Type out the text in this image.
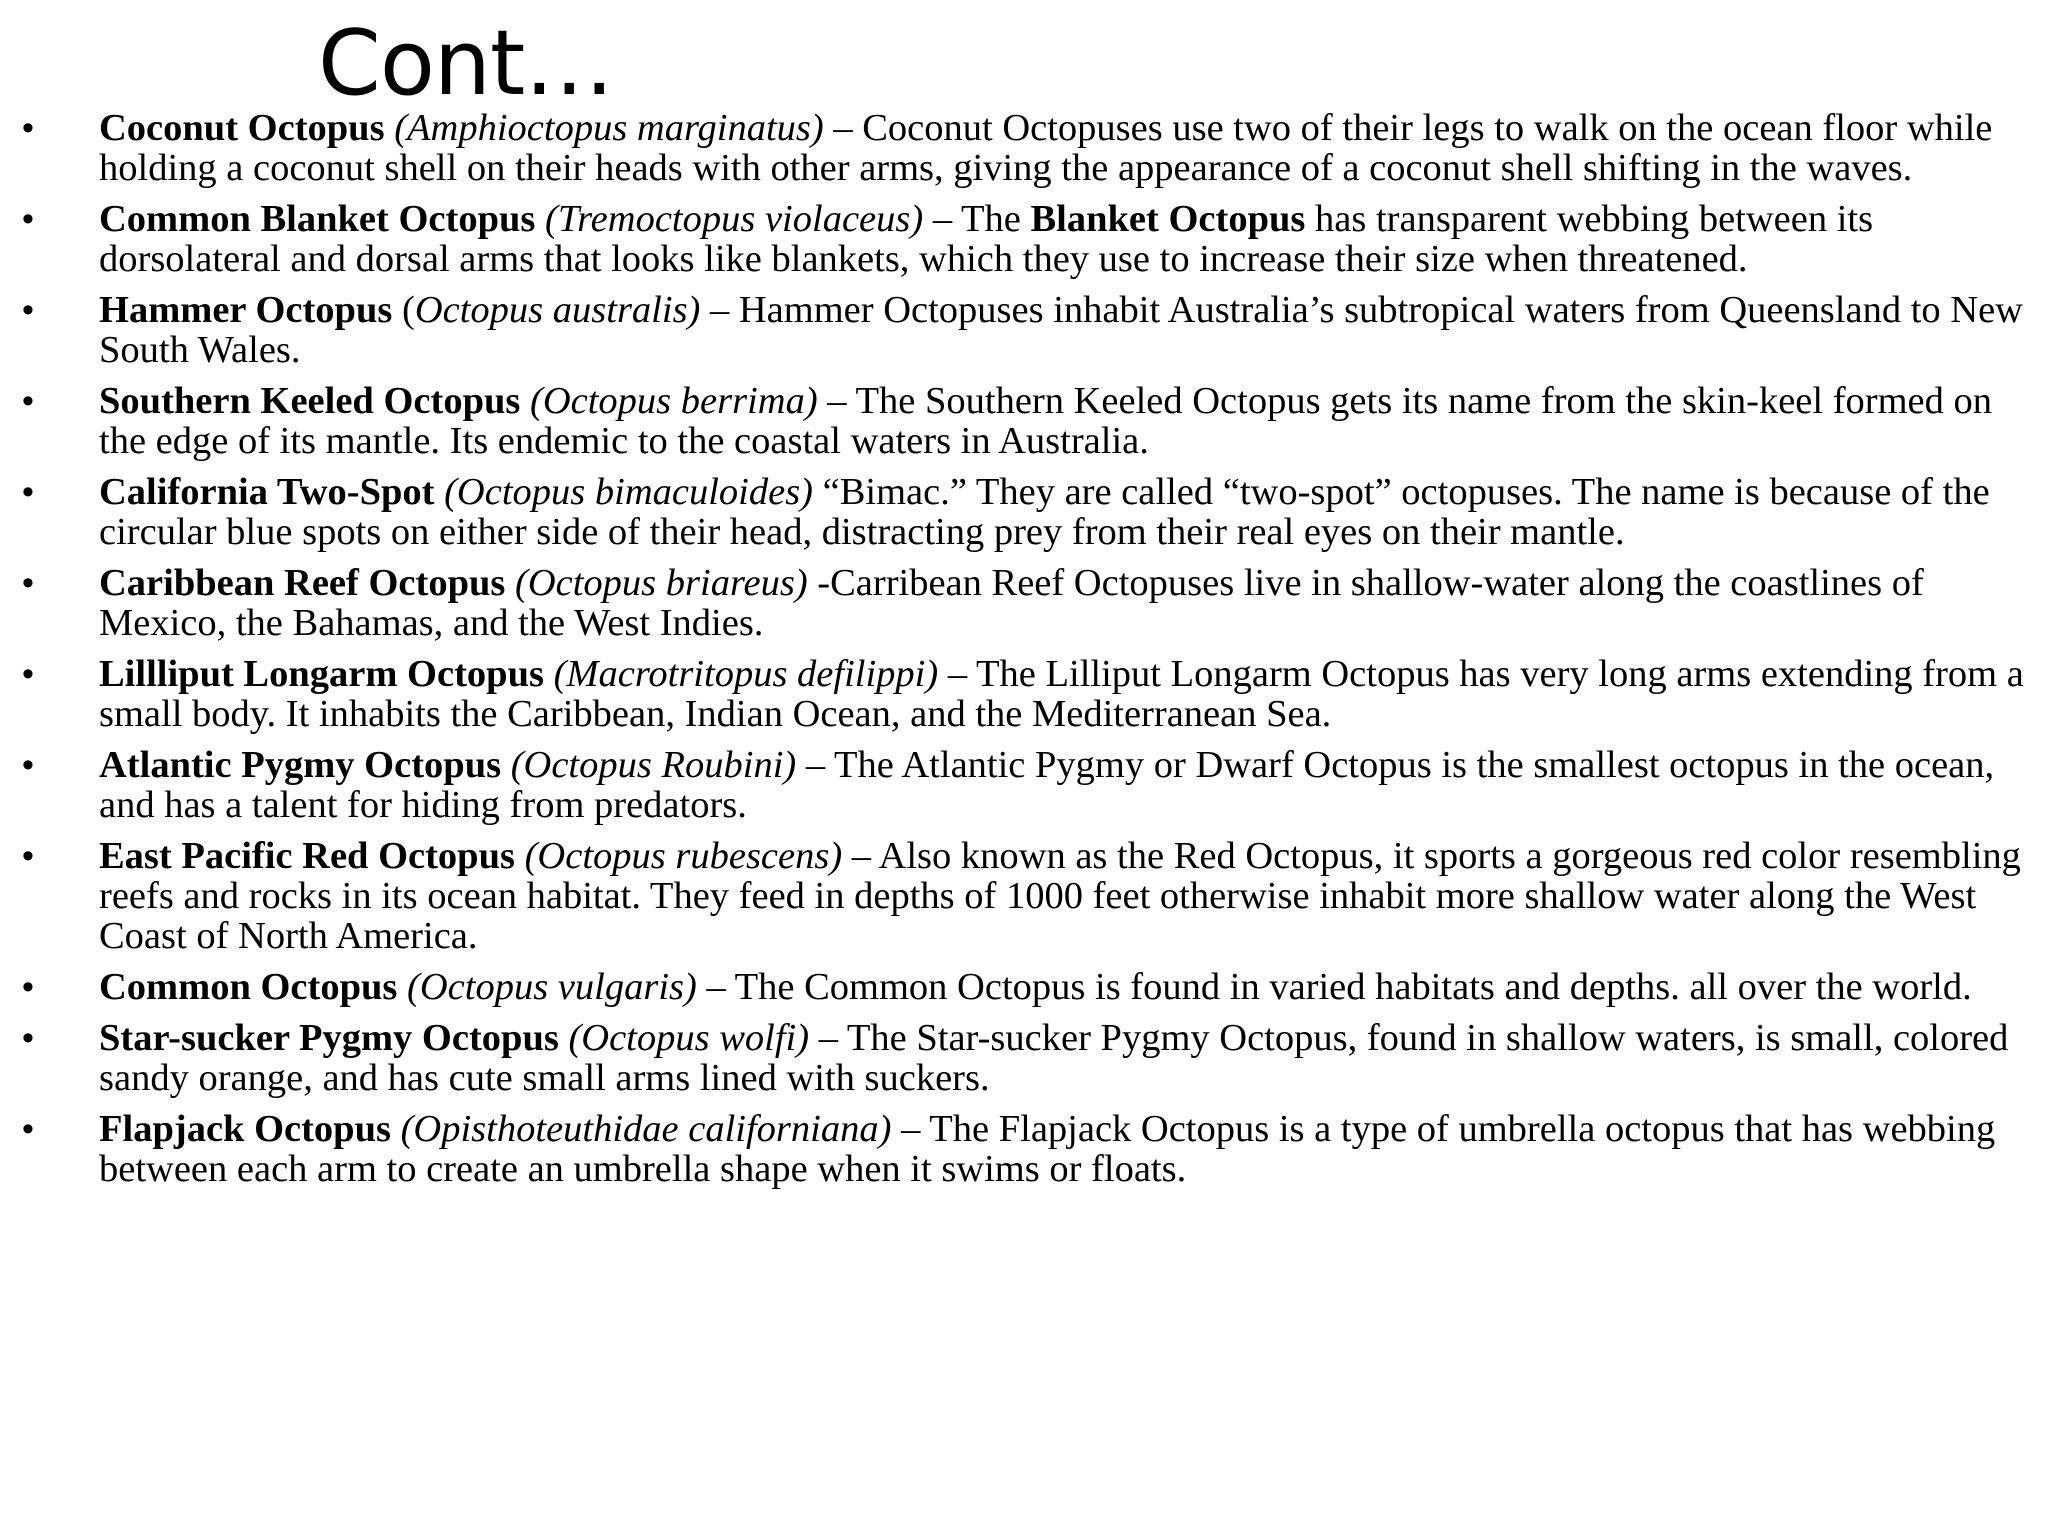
Cont…
•	Coconut Octopus (Amphioctopus marginatus) – Coconut Octopuses use two of their legs to walk on the ocean floor while holding a coconut shell on their heads with other arms, giving the appearance of a coconut shell shifting in the waves.
•	Common Blanket Octopus (Tremoctopus violaceus) – The Blanket Octopus has transparent webbing between its dorsolateral and dorsal arms that looks like blankets, which they use to increase their size when threatened.
•	Hammer Octopus (Octopus australis) – Hammer Octopuses inhabit Australia’s subtropical waters from Queensland to New South Wales.
•	Southern Keeled Octopus (Octopus berrima) – The Southern Keeled Octopus gets its name from the skin-keel formed on the edge of its mantle. Its endemic to the coastal waters in Australia.
•	California Two-Spot (Octopus bimaculoides) “Bimac.” They are called “two-spot” octopuses. The name is because of the circular blue spots on either side of their head, distracting prey from their real eyes on their mantle.
•	Caribbean Reef Octopus (Octopus briareus) -Carribean Reef Octopuses live in shallow-water along the coastlines of Mexico, the Bahamas, and the West Indies.
•	Lillliput Longarm Octopus (Macrotritopus defilippi) – The Lilliput Longarm Octopus has very long arms extending from a small body. It inhabits the Caribbean, Indian Ocean, and the Mediterranean Sea.
•	Atlantic Pygmy Octopus (Octopus Roubini) – The Atlantic Pygmy or Dwarf Octopus is the smallest octopus in the ocean, and has a talent for hiding from predators.
•	East Pacific Red Octopus (Octopus rubescens) – Also known as the Red Octopus, it sports a gorgeous red color resembling reefs and rocks in its ocean habitat. They feed in depths of 1000 feet otherwise inhabit more shallow water along the West Coast of North America.
•	Common Octopus (Octopus vulgaris) – The Common Octopus is found in varied habitats and depths. all over the world.
•	Star-sucker Pygmy Octopus (Octopus wolfi) – The Star-sucker Pygmy Octopus, found in shallow waters, is small, colored sandy orange, and has cute small arms lined with suckers.
•	Flapjack Octopus (Opisthoteuthidae californiana) – The Flapjack Octopus is a type of umbrella octopus that has webbing between each arm to create an umbrella shape when it swims or floats.
